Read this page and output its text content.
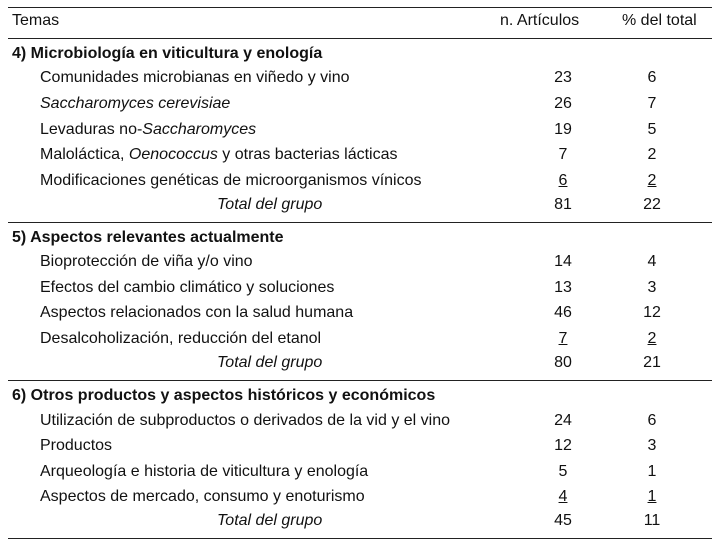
Temas	n. Artículos	% del total
4) Microbiología en viticultura y enología
Comunidades microbianas en viñedo y vino	23	6
Saccharomyces cerevisiae	26	7
Levaduras no-Saccharomyces	19	5
Maloláctica, Oenococcus y otras bacterias lácticas	7	2
Modificaciones genéticas de microorganismos vínicos	6	2
Total del grupo	81	22
5) Aspectos relevantes actualmente
Bioprotección de viña y/o vino	14	4
Efectos del cambio climático y soluciones	13	3
Aspectos relacionados con la salud humana	46	12
Desalcoholización, reducción del etanol	7	2
Total del grupo	80	21
6) Otros productos y aspectos históricos y económicos
Utilización de subproductos o derivados de la vid y el vino	24	6
Productos	12	3
Arqueología e historia de viticultura y enología	5	1
Aspectos de mercado, consumo y enoturismo	4	1
Total del grupo	45	11
